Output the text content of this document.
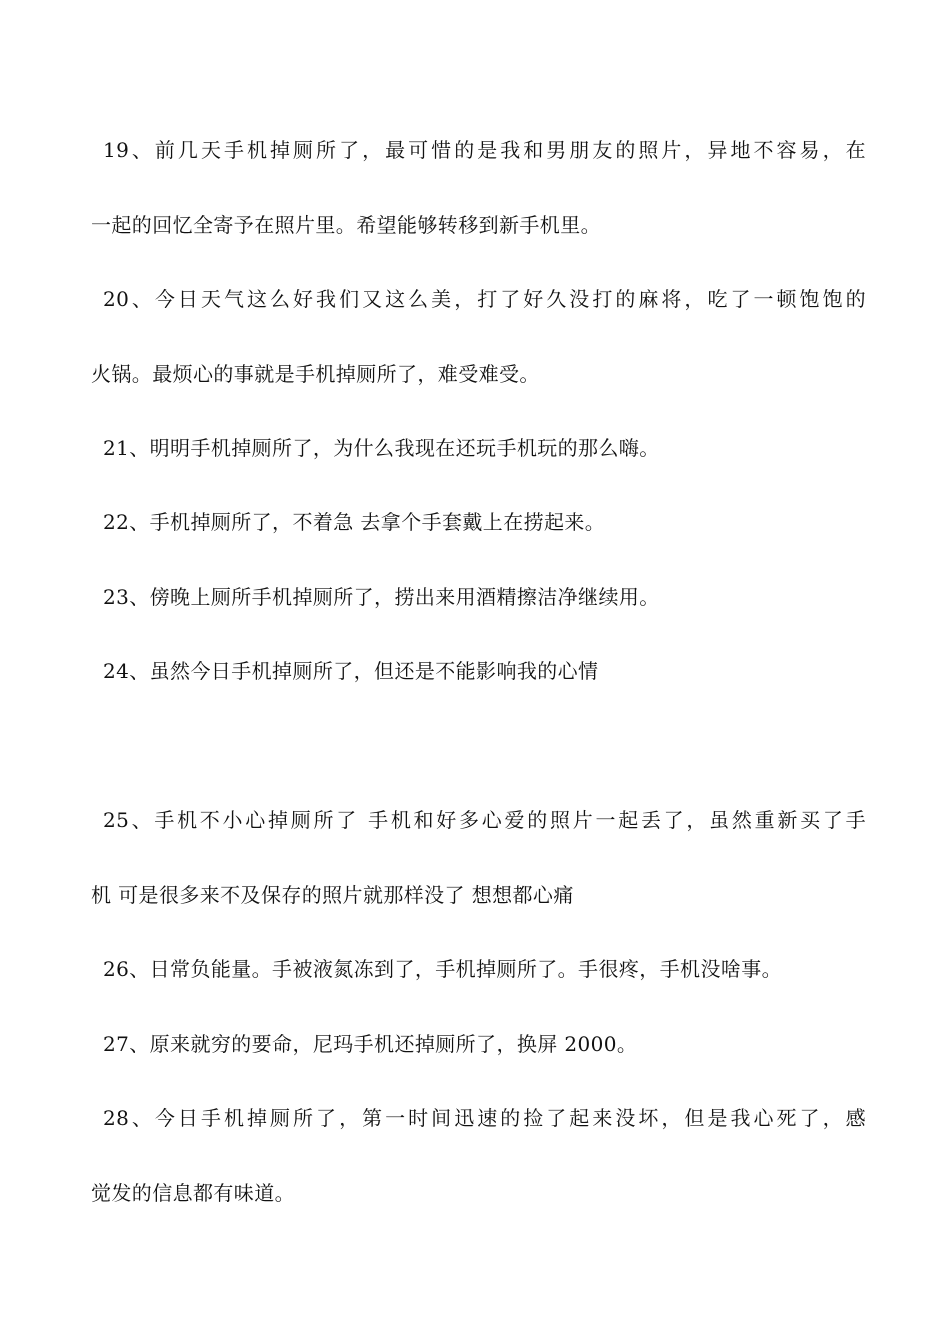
19、前几天手机掉厕所了，最可惜的是我和男朋友的照片，异地不容易，在
一起的回忆全寄予在照片里。希望能够转移到新手机里。
20、今日天气这么好我们又这么美，打了好久没打的麻将，吃了一顿饱饱的
火锅。最烦心的事就是手机掉厕所了，难受难受。
21、明明手机掉厕所了，为什么我现在还玩手机玩的那么嗨。
22、手机掉厕所了，不着急 去拿个手套戴上在捞起来。
23、傍晚上厕所手机掉厕所了，捞出来用酒精擦洁净继续用。
24、虽然今日手机掉厕所了，但还是不能影响我的心情
25、手机不小心掉厕所了 手机和好多心爱的照片一起丢了，虽然重新买了手
机 可是很多来不及保存的照片就那样没了 想想都心痛
26、日常负能量。手被液氮冻到了，手机掉厕所了。手很疼，手机没啥事。
27、原来就穷的要命，尼玛手机还掉厕所了，换屏 2000。
28、今日手机掉厕所了，第一时间迅速的捡了起来没坏，但是我心死了，感
觉发的信息都有味道。
